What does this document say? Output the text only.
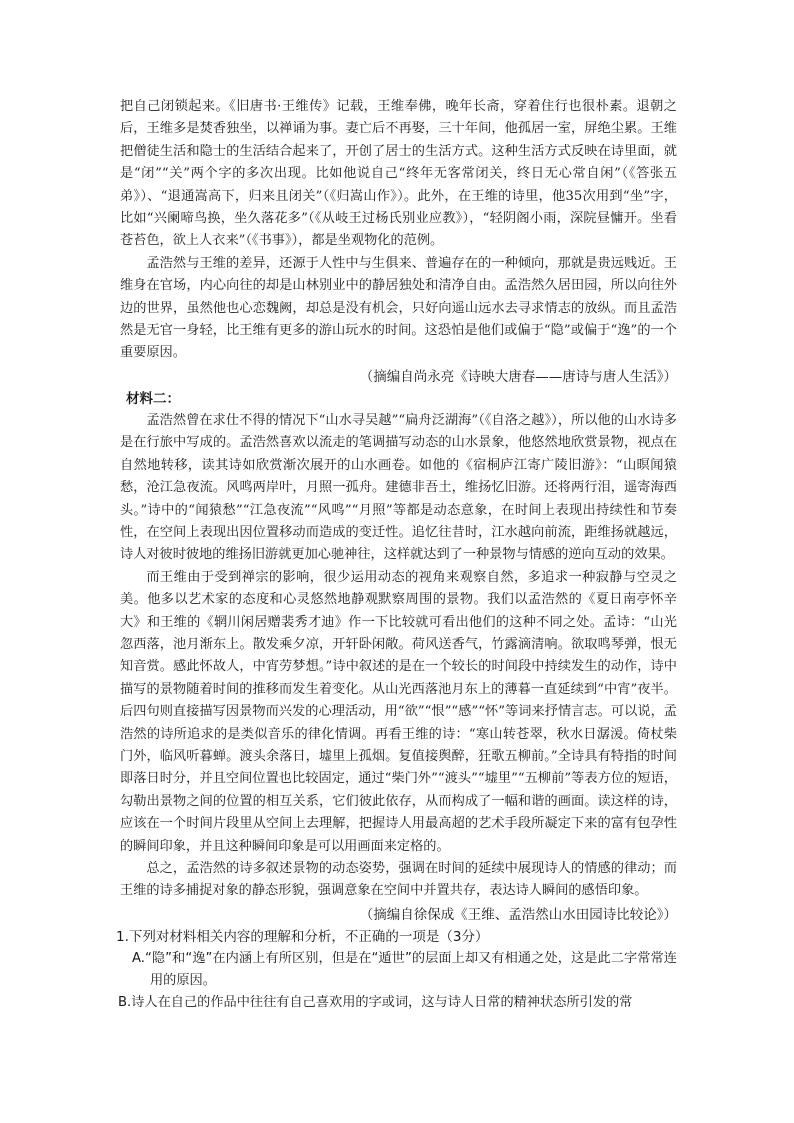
把自己闭锁起来。《旧唐书·王维传》记载，王维奉佛，晚年长斋，穿着住行也很朴素。退朝之后，王维多是焚香独坐，以禅诵为事。妻亡后不再娶，三十年间，他孤居一室，屏绝尘累。王维把僧徒生活和隐士的生活结合起来了，开创了居士的生活方式。这种生活方式反映在诗里面，就是“闭”“关”两个字的多次出现。比如他说自己“终年无客常闭关，终日无心常自闲”（《答张五弟》）、“退通嵩高下，归来且闭关”（《归嵩山作》）。此外，在王维的诗里，他35次用到“坐”字，比如“兴阑啼鸟换，坐久落花多”（《从岐王过杨氏别业应教》），“轻阴阁小雨，深院昼慵开。坐看苍苔色，欲上人衣来”（《书事》），都是坐观物化的范例。

孟浩然与王维的差异，还源于人性中与生俱来、普遍存在的一种倾向，那就是贵远贱近。王维身在官场，内心向往的却是山林别业中的静居独处和清净自由。孟浩然久居田园，所以向往外边的世界，虽然他也心恋魏阙，却总是没有机会，只好向遥山远水去寻求情志的放纵。而且孟浩然是无官一身轻，比王维有更多的游山玩水的时间。这恐怕是他们或偏于“隐”或偏于“逸”的一个重要原因。

（摘编自尚永亮《诗映大唐春——唐诗与唐人生活》）

材料二：

孟浩然曾在求仕不得的情况下“山水寻吴越”“扁舟泛湖海”（《自洛之越》），所以他的山水诗多是在行旅中写成的。孟浩然喜欢以流走的笔调描写动态的山水景象，他悠然地欣赏景物，视点在自然地转移，读其诗如欣赏渐次展开的山水画卷。如他的《宿桐庐江寄广陵旧游》：“山暝闻猿愁，沧江急夜流。风鸣两岸叶，月照一孤舟。建德非吾土，维扬忆旧游。还将两行泪，遥寄海西头。”诗中的“闻猿愁”“江急夜流”“风鸣”“月照”等都是动态意象，在时间上表现出持续性和节奏性，在空间上表现出因位置移动而造成的变迁性。追忆往昔时，江水越向前流，距维扬就越远，诗人对彼时彼地的维扬旧游就更加心驰神往，这样就达到了一种景物与情感的逆向互动的效果。

而王维由于受到禅宗的影响，很少运用动态的视角来观察自然，多追求一种寂静与空灵之美。他多以艺术家的态度和心灵悠然地静观默察周围的景物。我们以孟浩然的《夏日南亭怀辛大》和王维的《辋川闲居赠裴秀才迪》作一下比较就可看出他们的这种不同之处。孟诗：“山光忽西落，池月渐东上。散发乘夕凉，开轩卧闲敞。荷风送香气，竹露滴清响。欲取鸣琴弹，恨无知音赏。感此怀故人，中宵劳梦想。”诗中叙述的是在一个较长的时间段中持续发生的动作，诗中描写的景物随着时间的推移而发生着变化。从山光西落池月东上的薄暮一直延续到“中宵”夜半。后四句则直接描写因景物而兴发的心理活动，用“欲”“恨”“感”“怀”等词来抒情言志。可以说，孟浩然的诗所追求的是类似音乐的律化情调。再看王维的诗：“寒山转苍翠，秋水日潺湲。倚杖柴门外，临风听暮蝉。渡头余落日，墟里上孤烟。复值接舆醉，狂歌五柳前。”全诗具有特指的时间即落日时分，并且空间位置也比较固定，通过“柴门外”“渡头”“墟里”“五柳前”等表方位的短语，勾勒出景物之间的位置的相互关系，它们彼此依存，从而构成了一幅和谐的画面。读这样的诗，应该在一个时间片段里从空间上去理解，把握诗人用最高超的艺术手段所凝定下来的富有包孕性的瞬间印象，并且这种瞬间印象是可以用画面来定格的。

总之，孟浩然的诗多叙述景物的动态姿势，强调在时间的延续中展现诗人的情感的律动；而王维的诗多捕捉对象的静态形貌，强调意象在空间中并置共存，表达诗人瞬间的感悟印象。

（摘编自徐保成《王维、孟浩然山水田园诗比较论》）

1.下列对材料相关内容的理解和分析，不正确的一项是（3分）

A.“隐”和“逸”在内涵上有所区别，但是在“遁世”的层面上却又有相通之处，这是此二字常常连用的原因。

B.诗人在自己的作品中往往有自己喜欢用的字或词，这与诗人日常的精神状态所引发的常
